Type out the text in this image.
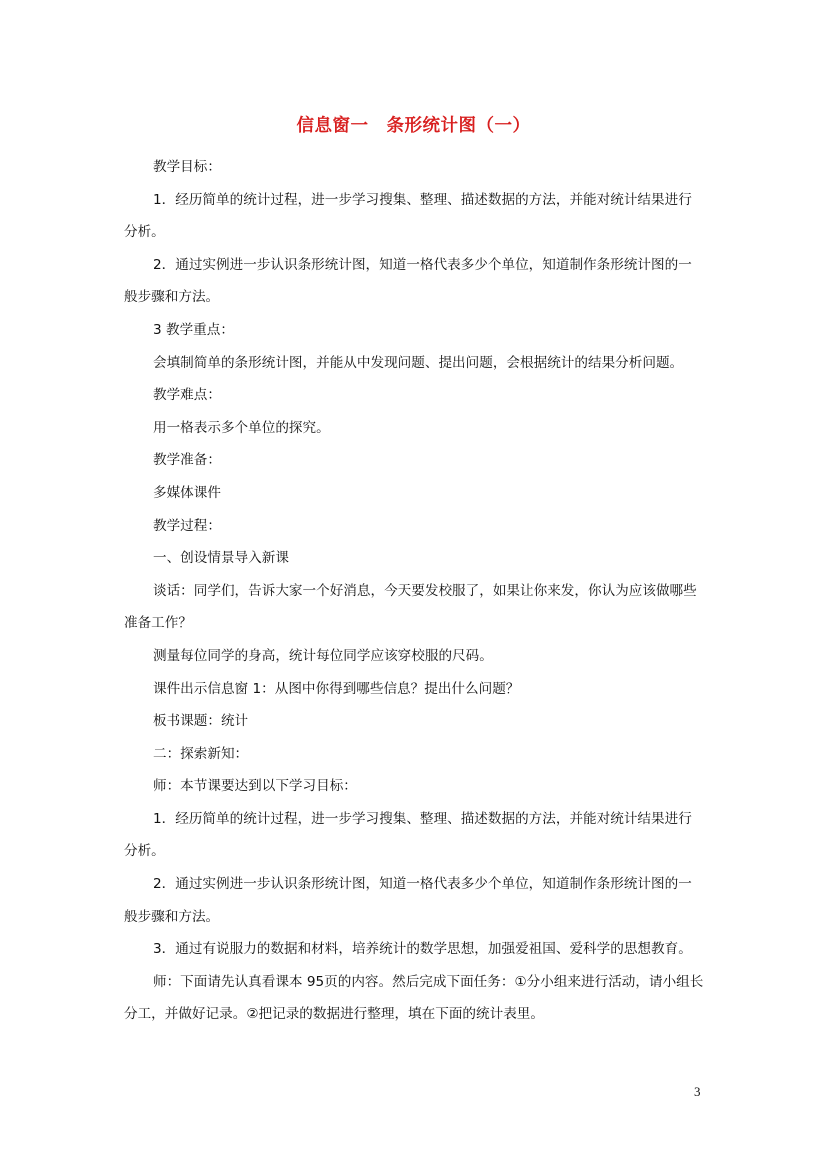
信息窗一　条形统计图（一）

教学目标：

1．经历简单的统计过程，进一步学习搜集、整理、描述数据的方法，并能对统计结果进行分析。

2．通过实例进一步认识条形统计图，知道一格代表多少个单位，知道制作条形统计图的一般步骤和方法。

3 教学重点：

会填制简单的条形统计图，并能从中发现问题、提出问题，会根据统计的结果分析问题。

教学难点：

用一格表示多个单位的探究。

教学准备：

多媒体课件

教学过程：

一、创设情景导入新课

谈话：同学们，告诉大家一个好消息，今天要发校服了，如果让你来发，你认为应该做哪些准备工作？

测量每位同学的身高，统计每位同学应该穿校服的尺码。

课件出示信息窗 1：从图中你得到哪些信息？提出什么问题？

板书课题：统计

二：探索新知：

师：本节课要达到以下学习目标：

1．经历简单的统计过程，进一步学习搜集、整理、描述数据的方法，并能对统计结果进行分析。

2．通过实例进一步认识条形统计图，知道一格代表多少个单位，知道制作条形统计图的一般步骤和方法。

3．通过有说服力的数据和材料，培养统计的数学思想，加强爱祖国、爱科学的思想教育。

师：下面请先认真看课本 95页的内容。然后完成下面任务：①分小组来进行活动，请小组长分工，并做好记录。②把记录的数据进行整理，填在下面的统计表里。

3
